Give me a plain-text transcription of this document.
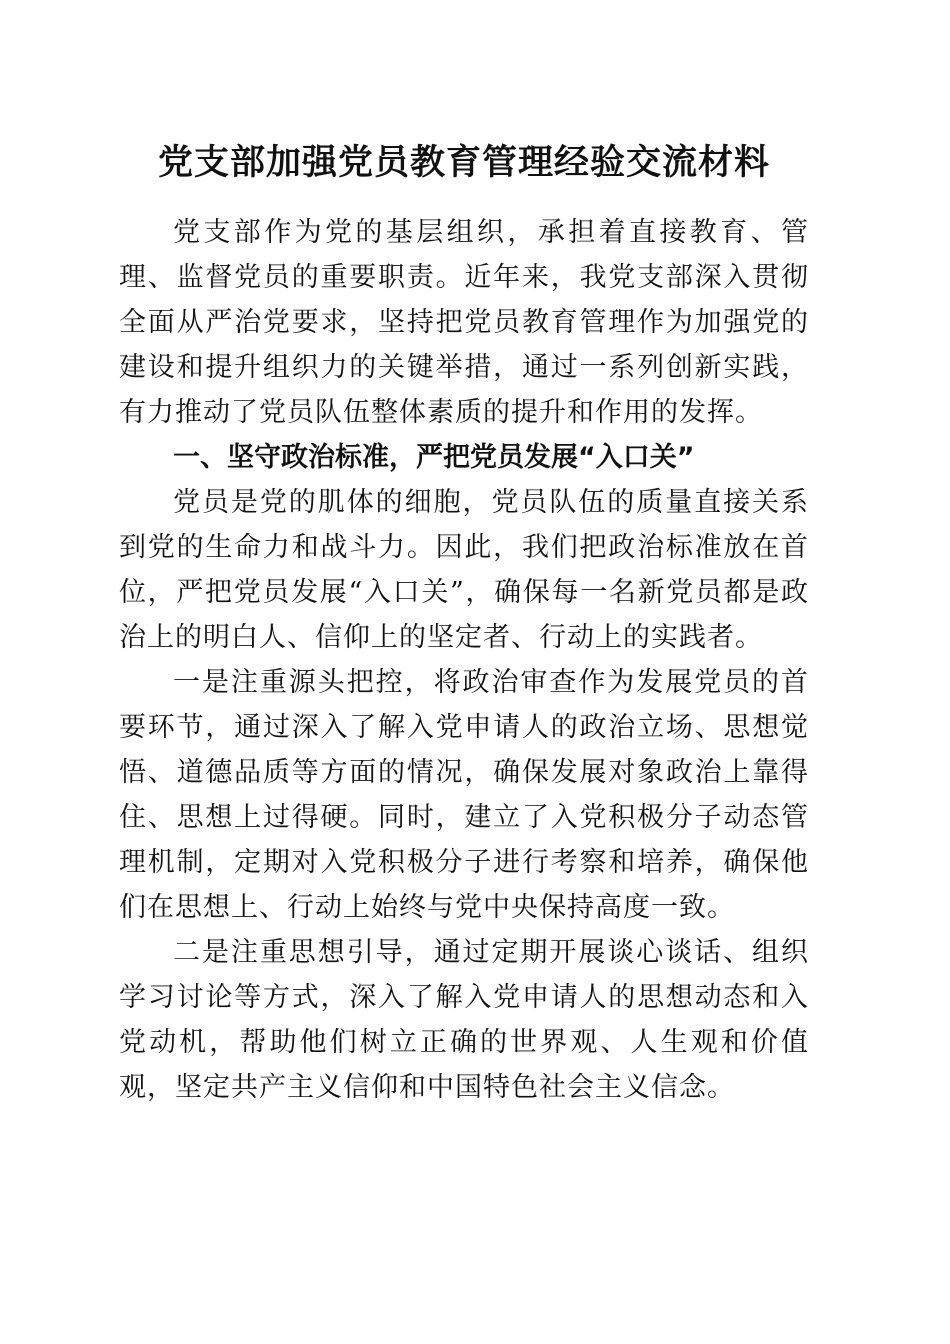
党支部加强党员教育管理经验交流材料

党支部作为党的基层组织，承担着直接教育、管理、监督党员的重要职责。近年来，我党支部深入贯彻全面从严治党要求，坚持把党员教育管理作为加强党的建设和提升组织力的关键举措，通过一系列创新实践，有力推动了党员队伍整体素质的提升和作用的发挥。

一、坚守政治标准，严把党员发展“入口关”

党员是党的肌体的细胞，党员队伍的质量直接关系到党的生命力和战斗力。因此，我们把政治标准放在首位，严把党员发展“入口关”，确保每一名新党员都是政治上的明白人、信仰上的坚定者、行动上的实践者。

一是注重源头把控，将政治审查作为发展党员的首要环节，通过深入了解入党申请人的政治立场、思想觉悟、道德品质等方面的情况，确保发展对象政治上靠得住、思想上过得硬。同时，建立了入党积极分子动态管理机制，定期对入党积极分子进行考察和培养，确保他们在思想上、行动上始终与党中央保持高度一致。

二是注重思想引导，通过定期开展谈心谈话、组织学习讨论等方式，深入了解入党申请人的思想动态和入党动机，帮助他们树立正确的世界观、人生观和价值观，坚定共产主义信仰和中国特色社会主义信念。
